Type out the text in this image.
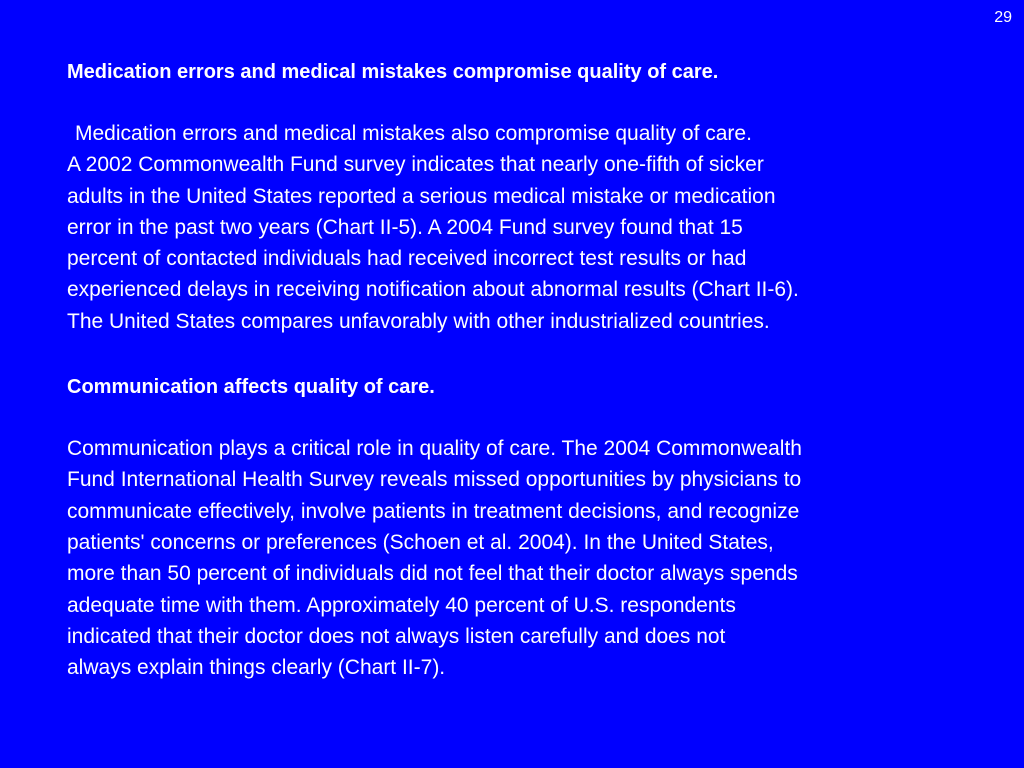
29
Medication errors and medical mistakes compromise quality of care.

Medication errors and medical mistakes also compromise quality of care.
A 2002 Commonwealth Fund survey indicates that nearly one-fifth of sicker
adults in the United States reported a serious medical mistake or medication
error in the past two years (Chart II-5). A 2004 Fund survey found that 15
percent of contacted individuals had received incorrect test results or had
experienced delays in receiving notification about abnormal results (Chart II-6).
The United States compares unfavorably with other industrialized countries.

Communication affects quality of care.

Communication plays a critical role in quality of care. The 2004 Commonwealth
Fund International Health Survey reveals missed opportunities by physicians to
communicate effectively, involve patients in treatment decisions, and recognize
patients' concerns or preferences (Schoen et al. 2004). In the United States,
more than 50 percent of individuals did not feel that their doctor always spends
adequate time with them. Approximately 40 percent of U.S. respondents
indicated that their doctor does not always listen carefully and does not
always explain things clearly (Chart II-7).
